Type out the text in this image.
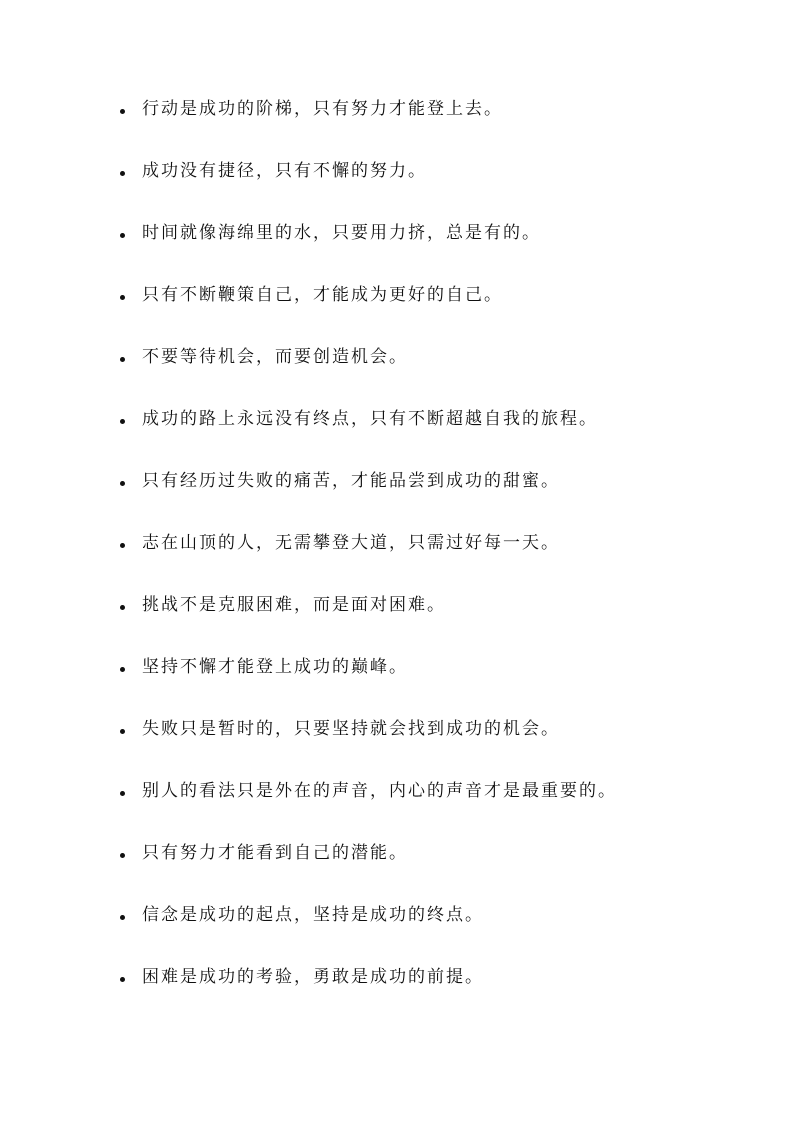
行动是成功的阶梯，只有努力才能登上去。
成功没有捷径，只有不懈的努力。
时间就像海绵里的水，只要用力挤，总是有的。
只有不断鞭策自己，才能成为更好的自己。
不要等待机会，而要创造机会。
成功的路上永远没有终点，只有不断超越自我的旅程。
只有经历过失败的痛苦，才能品尝到成功的甜蜜。
志在山顶的人，无需攀登大道，只需过好每一天。
挑战不是克服困难，而是面对困难。
坚持不懈才能登上成功的巅峰。
失败只是暂时的，只要坚持就会找到成功的机会。
别人的看法只是外在的声音，内心的声音才是最重要的。
只有努力才能看到自己的潜能。
信念是成功的起点，坚持是成功的终点。
困难是成功的考验，勇敢是成功的前提。
